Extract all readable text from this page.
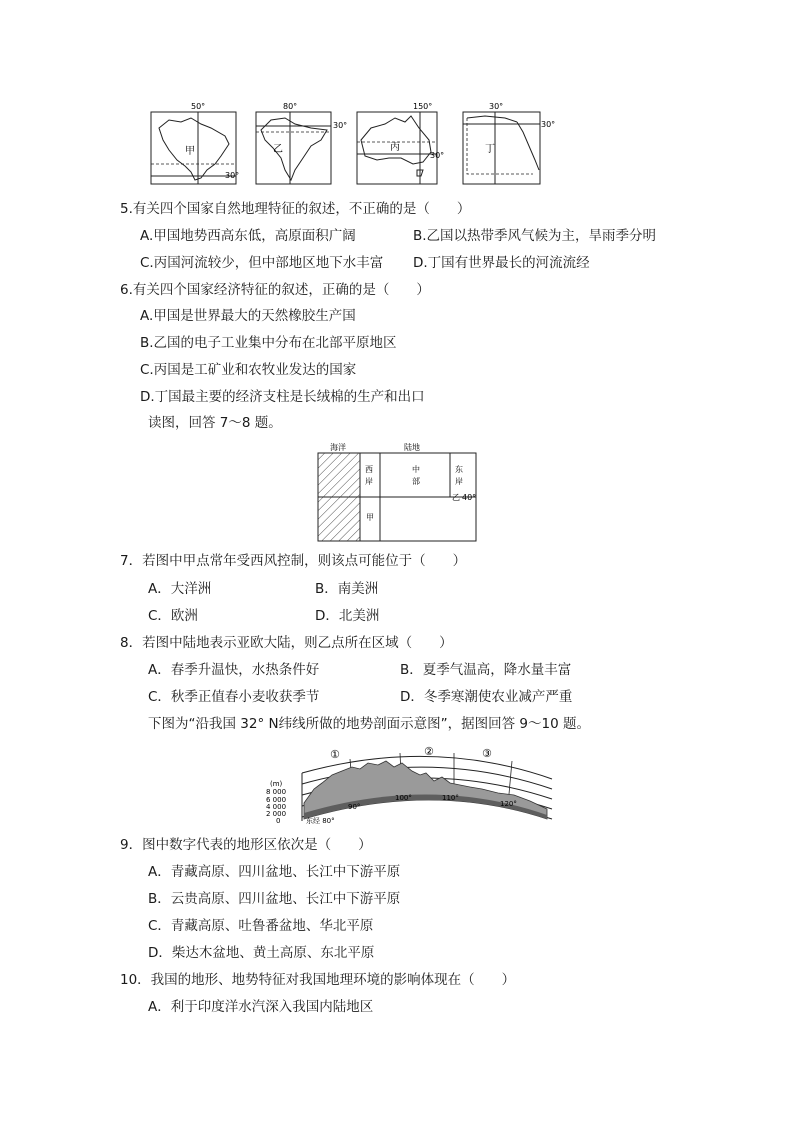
50°
30°
甲
80°
30°
乙
150°
30°
丙
30°
30°
丁
5.有关四个国家自然地理特征的叙述，不正确的是（　　）
A.甲国地势西高东低，高原面积广阔	B.乙国以热带季风气候为主，旱雨季分明
C.丙国河流较少，但中部地区地下水丰富 D.丁国有世界最长的河流流经
6.有关四个国家经济特征的叙述，正确的是（　　）
A.甲国是世界最大的天然橡胶生产国
B.乙国的电子工业集中分布在北部平原地区
C.丙国是工矿业和农牧业发达的国家
D.丁国最主要的经济支柱是长绒棉的生产和出口
读图，回答 7～8 题。
海洋	陆地
西
岸
中
部
东
岸
乙 40°
甲
7．若图中甲点常年受西风控制，则该点可能位于（　　）
A．大洋洲	B．南美洲
C．欧洲	D．北美洲
8．若图中陆地表示亚欧大陆，则乙点所在区域（　　）
A．春季升温快，水热条件好	B．夏季气温高，降水量丰富
C．秋季正值春小麦收获季节	D．冬季寒潮使农业减产严重
下图为“沿我国 32° N纬线所做的地势剖面示意图”，据图回答 9～10 题。
①	②	③
(m)
8 000
6 000
4 000
2 000
0	东经 80°
90°
100°	110°
120°
9．图中数字代表的地形区依次是（　　）
A．青藏高原、四川盆地、长江中下游平原
B．云贵高原、四川盆地、长江中下游平原
C．青藏高原、吐鲁番盆地、华北平原
D．柴达木盆地、黄土高原、东北平原
10．我国的地形、地势特征对我国地理环境的影响体现在（　　）
A．利于印度洋水汽深入我国内陆地区
